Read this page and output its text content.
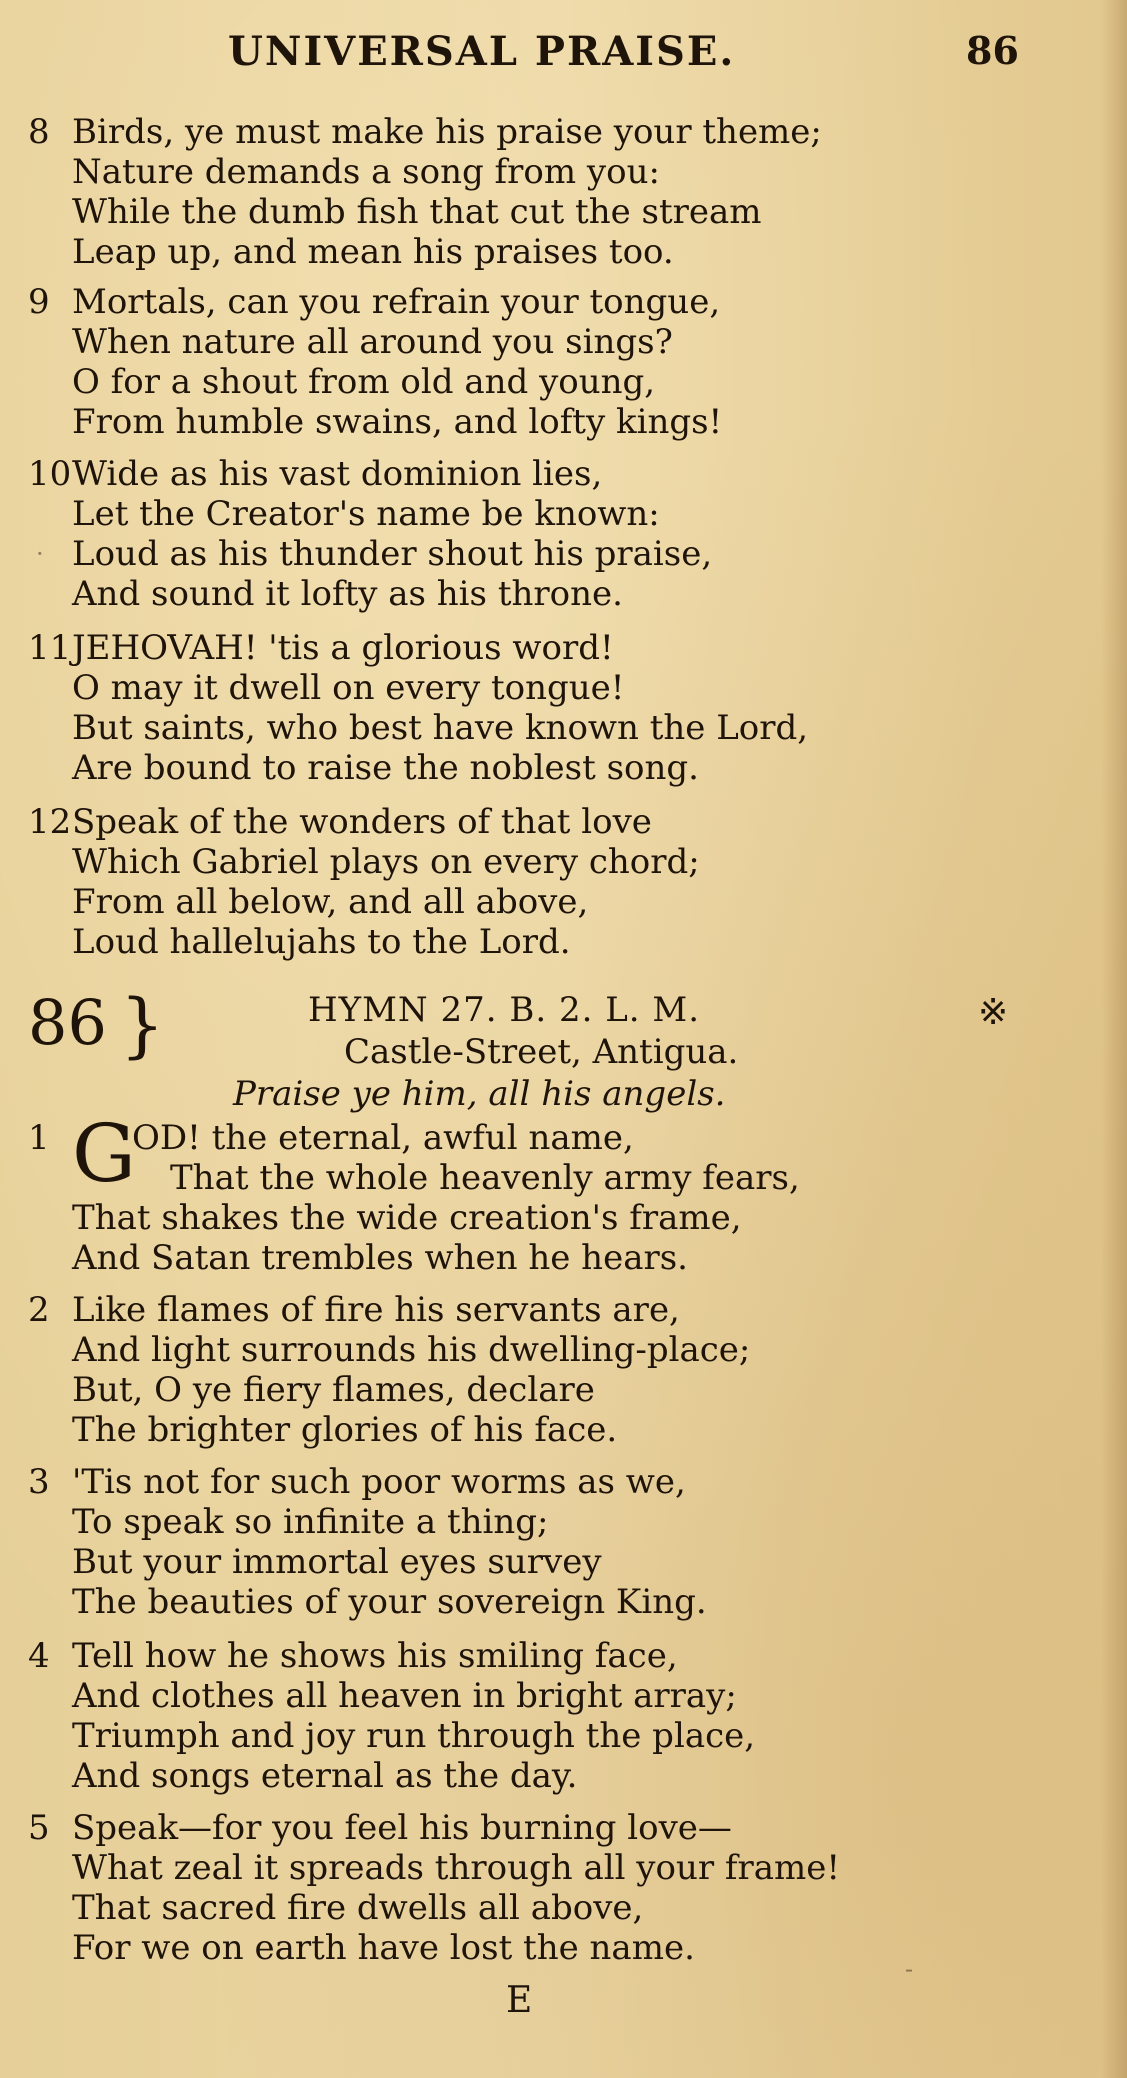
UNIVERSAL PRAISE.	86
8 Birds, ye must make his praise your theme;
Nature demands a song from you:
While the dumb fish that cut the stream
Leap up, and mean his praises too.
9 Mortals, can you refrain your tongue,
When nature all around you sings?
O for a shout from old and young,
From humble swains, and lofty kings!
10Wide as his vast dominion lies,
Let the Creator's name be known:
Loud as his thunder shout his praise,
And sound it lofty as his throne.
11JEHOVAH! 'tis a glorious word!
O may it dwell on every tongue!
But saints, who best have known the Lord,
Are bound to raise the noblest song.
12Speak of the wonders of that love
Which Gabriel plays on every chord;
From all below, and all above,
Loud hallelujahs to the Lord.
86 }	HYMN 27. B. 2. L. M.
Castle-Street, Antigua.
※
Praise ye him, all his angels.
1 G
OD! the eternal, awful name,
That the whole heavenly army fears,
That shakes the wide creation's frame,
And Satan trembles when he hears.
2 Like flames of fire his servants are,
And light surrounds his dwelling-place;
But, O ye fiery flames, declare
The brighter glories of his face.
3 'Tis not for such poor worms as we,
To speak so infinite a thing;
But your immortal eyes survey
The beauties of your sovereign King.
4 Tell how he shows his smiling face,
And clothes all heaven in bright array;
Triumph and joy run through the place,
And songs eternal as the day.
5 Speak—for you feel his burning love—
What zeal it spreads through all your frame!
That sacred fire dwells all above,
For we on earth have lost the name.
E
·
-
